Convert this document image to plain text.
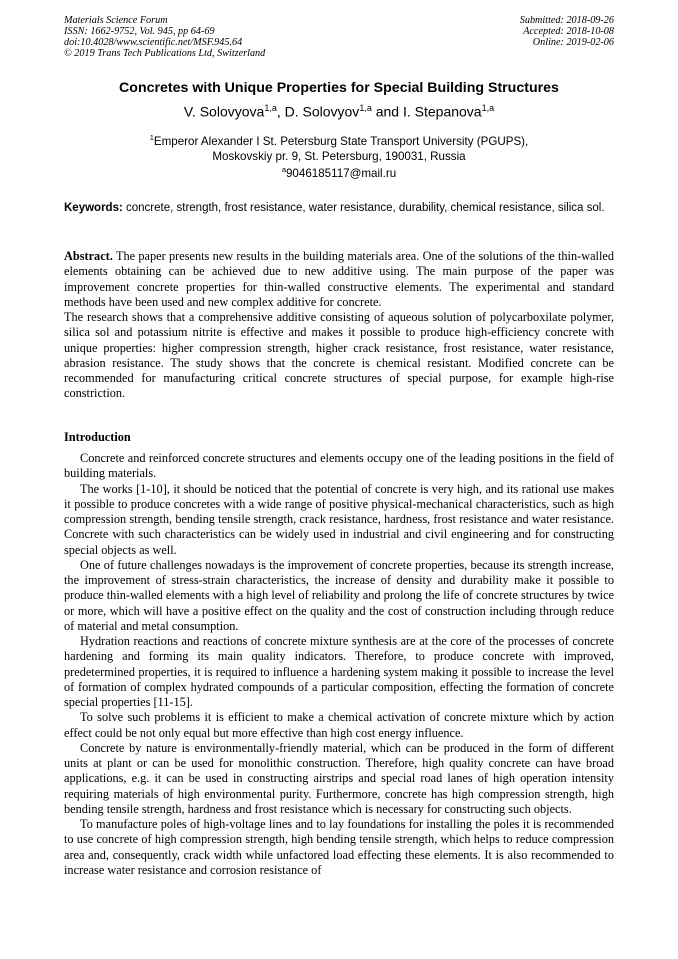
Materials Science Forum
ISSN: 1662-9752, Vol. 945, pp 64-69
doi:10.4028/www.scientific.net/MSF.945.64
© 2019 Trans Tech Publications Ltd, Switzerland
Submitted: 2018-09-26
Accepted: 2018-10-08
Online: 2019-02-06
Concretes with Unique Properties for Special Building Structures
V. Solovyova$^{1,a}$, D. Solovyov$^{1,a}$ and I. Stepanova$^{1,a}$
$^1$Emperor Alexander I St. Petersburg State Transport University (PGUPS),
Moskovskiy pr. 9, St. Petersburg, 190031, Russia
$^a$9046185117@mail.ru
Keywords: concrete, strength, frost resistance, water resistance, durability, chemical resistance, silica sol.

Abstract. The paper presents new results in the building materials area. One of the solutions of the thin-walled elements obtaining can be achieved due to new additive using. The main purpose of the paper was improvement concrete properties for thin-walled constructive elements. The experimental and standard methods have been used and new complex additive for concrete.

The research shows that a comprehensive additive consisting of aqueous solution of polycarboxilate polymer, silica sol and potassium nitrite is effective and makes it possible to produce high-efficiency concrete with unique properties: higher compression strength, higher crack resistance, frost resistance, water resistance, abrasion resistance. The study shows that the concrete is chemical resistant. Modified concrete can be recommended for manufacturing critical concrete structures of special purpose, for example high-rise constriction.

Introduction

Concrete and reinforced concrete structures and elements occupy one of the leading positions in the field of building materials.

The works [1-10], it should be noticed that the potential of concrete is very high, and its rational use makes it possible to produce concretes with a wide range of positive physical-mechanical characteristics, such as high compression strength, bending tensile strength, crack resistance, hardness, frost resistance and water resistance. Concrete with such characteristics can be widely used in industrial and civil engineering and for constructing special objects as well.

One of future challenges nowadays is the improvement of concrete properties, because its strength increase, the improvement of stress-strain characteristics, the increase of density and durability make it possible to produce thin-walled elements with a high level of reliability and prolong the life of concrete structures by twice or more, which will have a positive effect on the quality and the cost of construction including through reduce of material and metal consumption.

Hydration reactions and reactions of concrete mixture synthesis are at the core of the processes of concrete hardening and forming its main quality indicators. Therefore, to produce concrete with improved, predetermined properties, it is required to influence a hardening system making it possible to increase the level of formation of complex hydrated compounds of a particular composition, effecting the formation of concrete special properties [11-15].

To solve such problems it is efficient to make a chemical activation of concrete mixture which by action effect could be not only equal but more effective than high cost energy influence.

Concrete by nature is environmentally-friendly material, which can be produced in the form of different units at plant or can be used for monolithic construction. Therefore, high quality concrete can have broad applications, e.g. it can be used in constructing airstrips and special road lanes of high operation intensity requiring materials of high environmental purity. Furthermore, concrete has high compression strength, high bending tensile strength, hardness and frost resistance which is necessary for constructing such objects.

To manufacture poles of high-voltage lines and to lay foundations for installing the poles it is recommended to use concrete of high compression strength, high bending tensile strength, which helps to reduce compression area and, consequently, crack width while unfactored load effecting these elements. It is also recommended to increase water resistance and corrosion resistance of
